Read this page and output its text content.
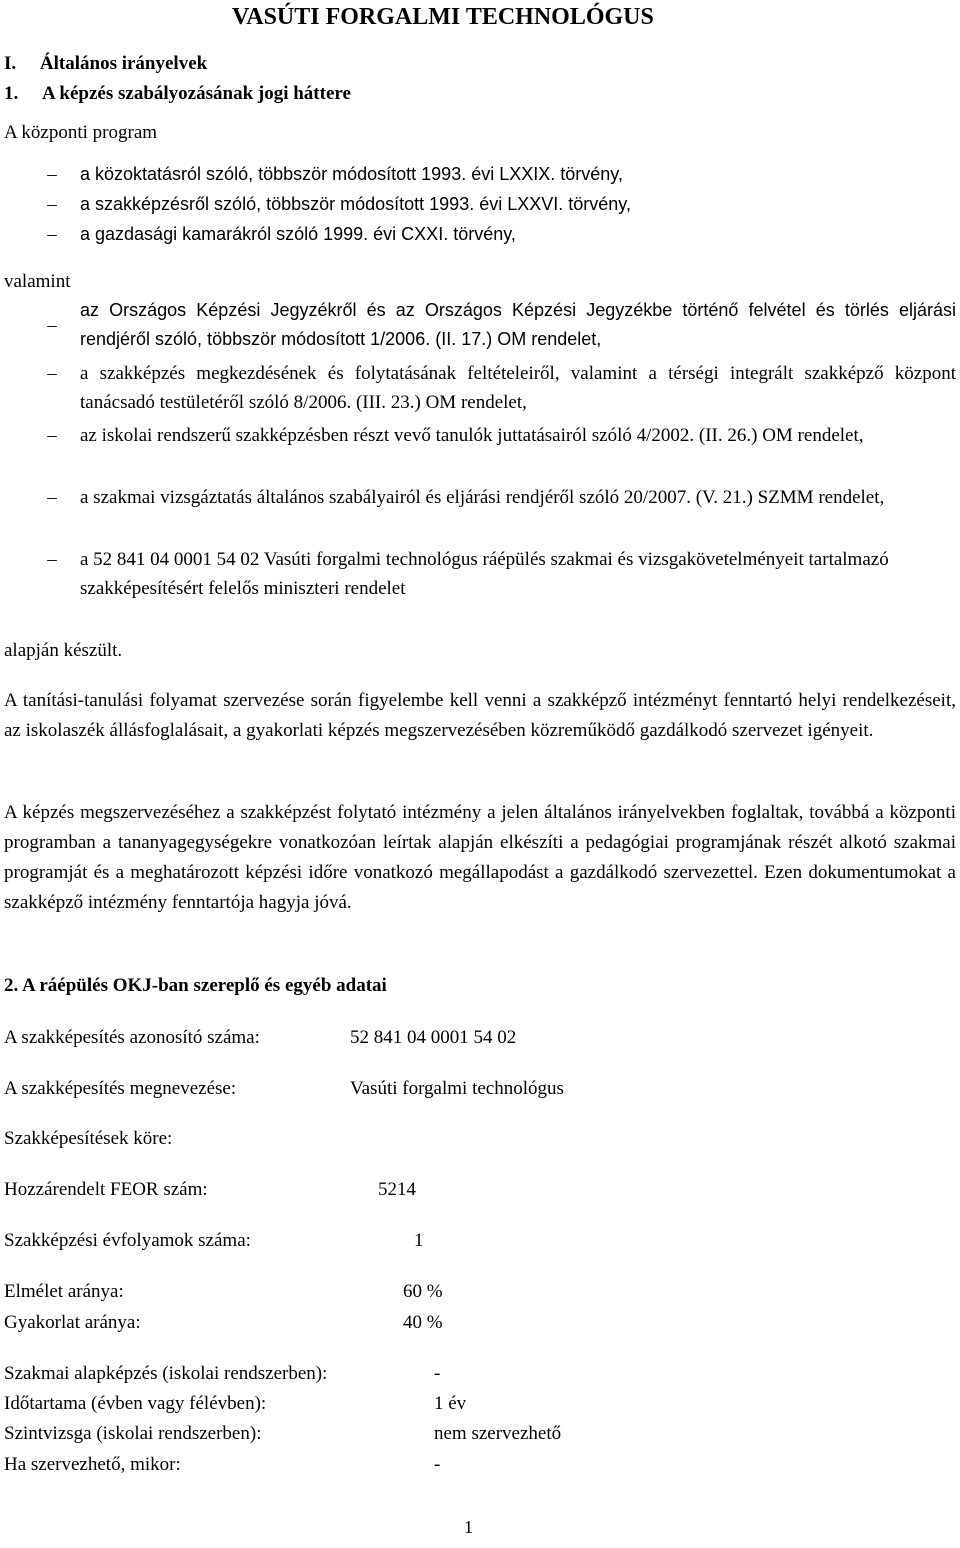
VASÚTI FORGALMI TECHNOLÓGUS
I.     Általános irányelvek
1.     A képzés szabályozásának jogi háttere
A központi program
–	a közoktatásról szóló, többször módosított 1993. évi LXXIX. törvény,
–	a szakképzésről szóló, többször módosított 1993. évi LXXVI. törvény,
–	a gazdasági kamarákról szóló 1999. évi CXXI. törvény,
valamint
–
az Országos Képzési Jegyzékről és az Országos Képzési Jegyzékbe történő felvétel és törlés eljárási rendjéről szóló, többször módosított 1/2006. (II. 17.) OM rendelet,
–	a szakképzés megkezdésének és folytatásának feltételeiről, valamint a térségi integrált szakképző központ tanácsadó testületéről szóló 8/2006. (III. 23.) OM rendelet,
–	az iskolai rendszerű szakképzésben részt vevő tanulók juttatásairól szóló 4/2002. (II. 26.) OM rendelet,
–	a szakmai vizsgáztatás általános szabályairól és eljárási rendjéről szóló 20/2007. (V. 21.) SZMM rendelet,
–	a 52 841 04 0001 54 02 Vasúti forgalmi technológus ráépülés szakmai és vizsgakövetelményeit tartalmazó szakképesítésért felelős miniszteri rendelet
alapján készült.
A tanítási-tanulási folyamat szervezése során figyelembe kell venni a szakképző intézményt fenntartó helyi rendelkezéseit, az iskolaszék állásfoglalásait, a gyakorlati képzés megszervezésében közreműködő gazdálkodó szervezet igényeit.
A képzés megszervezéséhez a szakképzést folytató intézmény a jelen általános irányelvekben foglaltak, továbbá a központi programban a tananyagegységekre vonatkozóan leírtak alapján elkészíti a pedagógiai programjának részét alkotó szakmai programját és a meghatározott képzési időre vonatkozó megállapodást a gazdálkodó szervezettel. Ezen dokumentumokat a szakképző intézmény fenntartója hagyja jóvá.
2. A ráépülés OKJ-ban szereplő és egyéb adatai
A szakképesítés azonosító száma:	52 841 04 0001 54 02
A szakképesítés megnevezése:	Vasúti forgalmi technológus
Szakképesítések köre:
Hozzárendelt FEOR szám:	5214
Szakképzési évfolyamok száma:	1
Elmélet aránya:	60 %
Gyakorlat aránya:	40 %
Szakmai alapképzés (iskolai rendszerben):	-
Időtartama (évben vagy félévben):	1 év
Szintvizsga (iskolai rendszerben):	nem szervezhető
Ha szervezhető, mikor:	-
1
